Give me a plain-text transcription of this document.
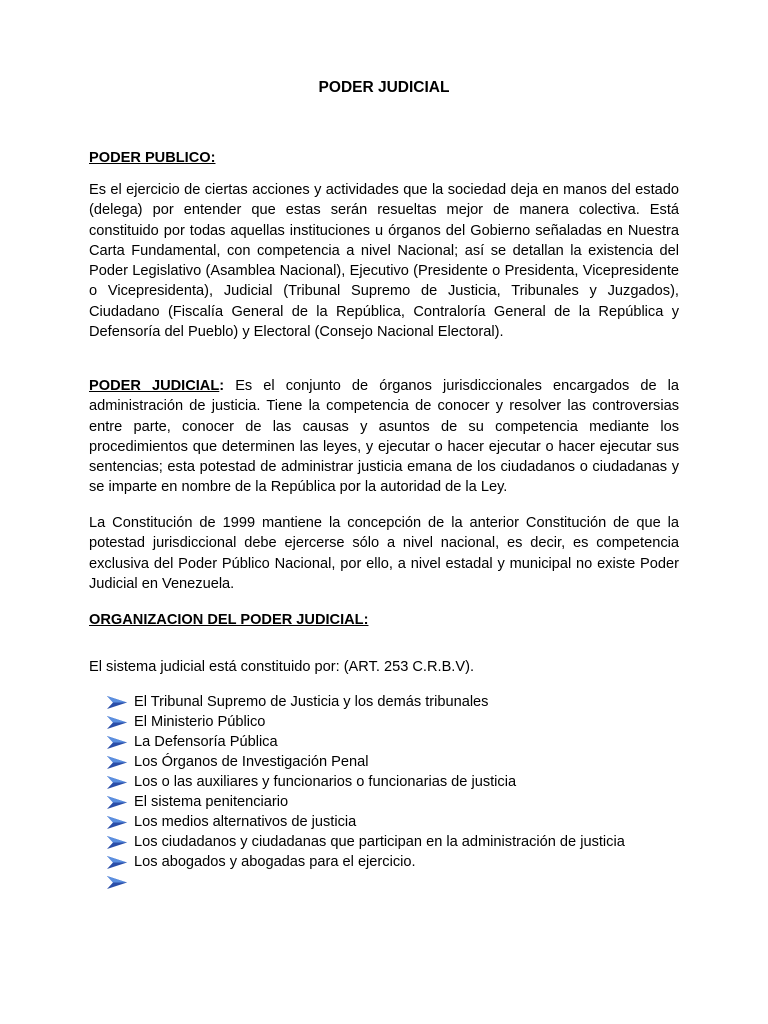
PODER JUDICIAL

PODER PUBLICO:

Es el ejercicio de ciertas acciones y actividades que la sociedad deja en manos del estado (delega) por entender que estas serán resueltas mejor de manera colectiva. Está constituido por todas aquellas instituciones u órganos del Gobierno señaladas en Nuestra Carta Fundamental, con competencia a nivel Nacional; así se detallan la existencia del Poder Legislativo (Asamblea Nacional), Ejecutivo (Presidente o Presidenta, Vicepresidente o Vicepresidenta), Judicial (Tribunal Supremo de Justicia, Tribunales y Juzgados), Ciudadano (Fiscalía General de la República, Contraloría General de la República y Defensoría del Pueblo) y Electoral (Consejo Nacional Electoral).

PODER JUDICIAL: Es el conjunto de órganos jurisdiccionales encargados de la administración de justicia. Tiene la competencia de conocer y resolver las controversias entre parte, conocer de las causas y asuntos de su competencia mediante los procedimientos que determinen las leyes, y ejecutar o hacer ejecutar o hacer ejecutar sus sentencias; esta potestad de administrar justicia emana de los ciudadanos o ciudadanas y se imparte en nombre de la República por la autoridad de la Ley.

La Constitución de 1999 mantiene la concepción de la anterior Constitución de que la potestad jurisdiccional debe ejercerse sólo a nivel nacional, es decir, es competencia exclusiva del Poder Público Nacional, por ello, a nivel estadal y municipal no existe Poder Judicial en Venezuela.

ORGANIZACION DEL PODER JUDICIAL:

El sistema judicial está constituido por: (ART. 253 C.R.B.V).

El Tribunal Supremo de Justicia y los demás tribunales
El Ministerio Público
La Defensoría Pública
Los Órganos de Investigación Penal
Los o las auxiliares y funcionarios o funcionarias de justicia
El sistema penitenciario
Los medios alternativos de justicia
Los ciudadanos y ciudadanas que participan en la administración de justicia
Los abogados y abogadas para el ejercicio.
